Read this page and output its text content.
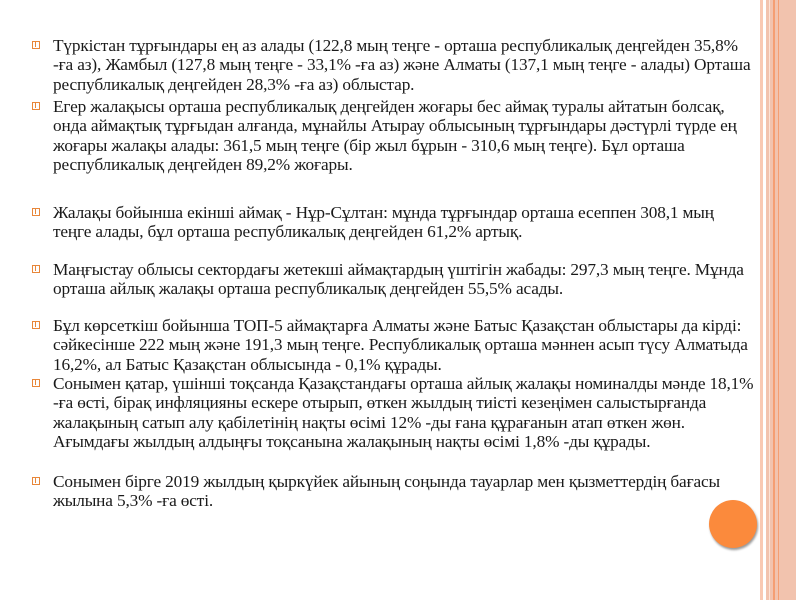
Түркістан тұрғындары ең аз алады (122,8 мың теңге - орташа республикалық деңгейден 35,8% -ға аз), Жамбыл (127,8 мың теңге - 33,1% -ға аз) және Алматы (137,1 мың теңге - алады) Орташа республикалық деңгейден 28,3% -ға аз) облыстар.
Егер жалақысы орташа республикалық деңгейден жоғары бес аймақ туралы айтатын болсақ, онда аймақтық тұрғыдан алғанда, мұнайлы Атырау облысының тұрғындары дәстүрлі түрде ең жоғары жалақы алады: 361,5 мың теңге (бір жыл бұрын - 310,6 мың теңге). Бұл орташа республикалық деңгейден 89,2% жоғары.
Жалақы бойынша екінші аймақ - Нұр-Сұлтан: мұнда тұрғындар орташа есеппен 308,1 мың теңге алады, бұл орташа республикалық деңгейден 61,2% артық.
Маңғыстау облысы сектордағы жетекші аймақтардың үштігін жабады: 297,3 мың теңге. Мұнда орташа айлық жалақы орташа республикалық деңгейден 55,5% асады.
Бұл көрсеткіш бойынша ТОП-5 аймақтарға Алматы және Батыс Қазақстан облыстары да кірді: сәйкесінше 222 мың және 191,3 мың теңге. Республикалық орташа мәннен асып түсу Алматыда 16,2%, ал Батыс Қазақстан облысында - 0,1% құрады.
Сонымен қатар, үшінші тоқсанда Қазақстандағы орташа айлық жалақы номиналды мәнде 18,1% -ға өсті, бірақ инфляцияны ескере отырып, өткен жылдың тиісті кезеңімен салыстырғанда жалақының сатып алу қабілетінің нақты өсімі 12% -ды ғана құрағанын атап өткен жөн. Ағымдағы жылдың алдыңғы тоқсанына жалақының нақты өсімі 1,8% -ды құрады.
Сонымен бірге 2019 жылдың қыркүйек айының соңында тауарлар мен қызметтердің бағасы жылына 5,3% -ға өсті.
